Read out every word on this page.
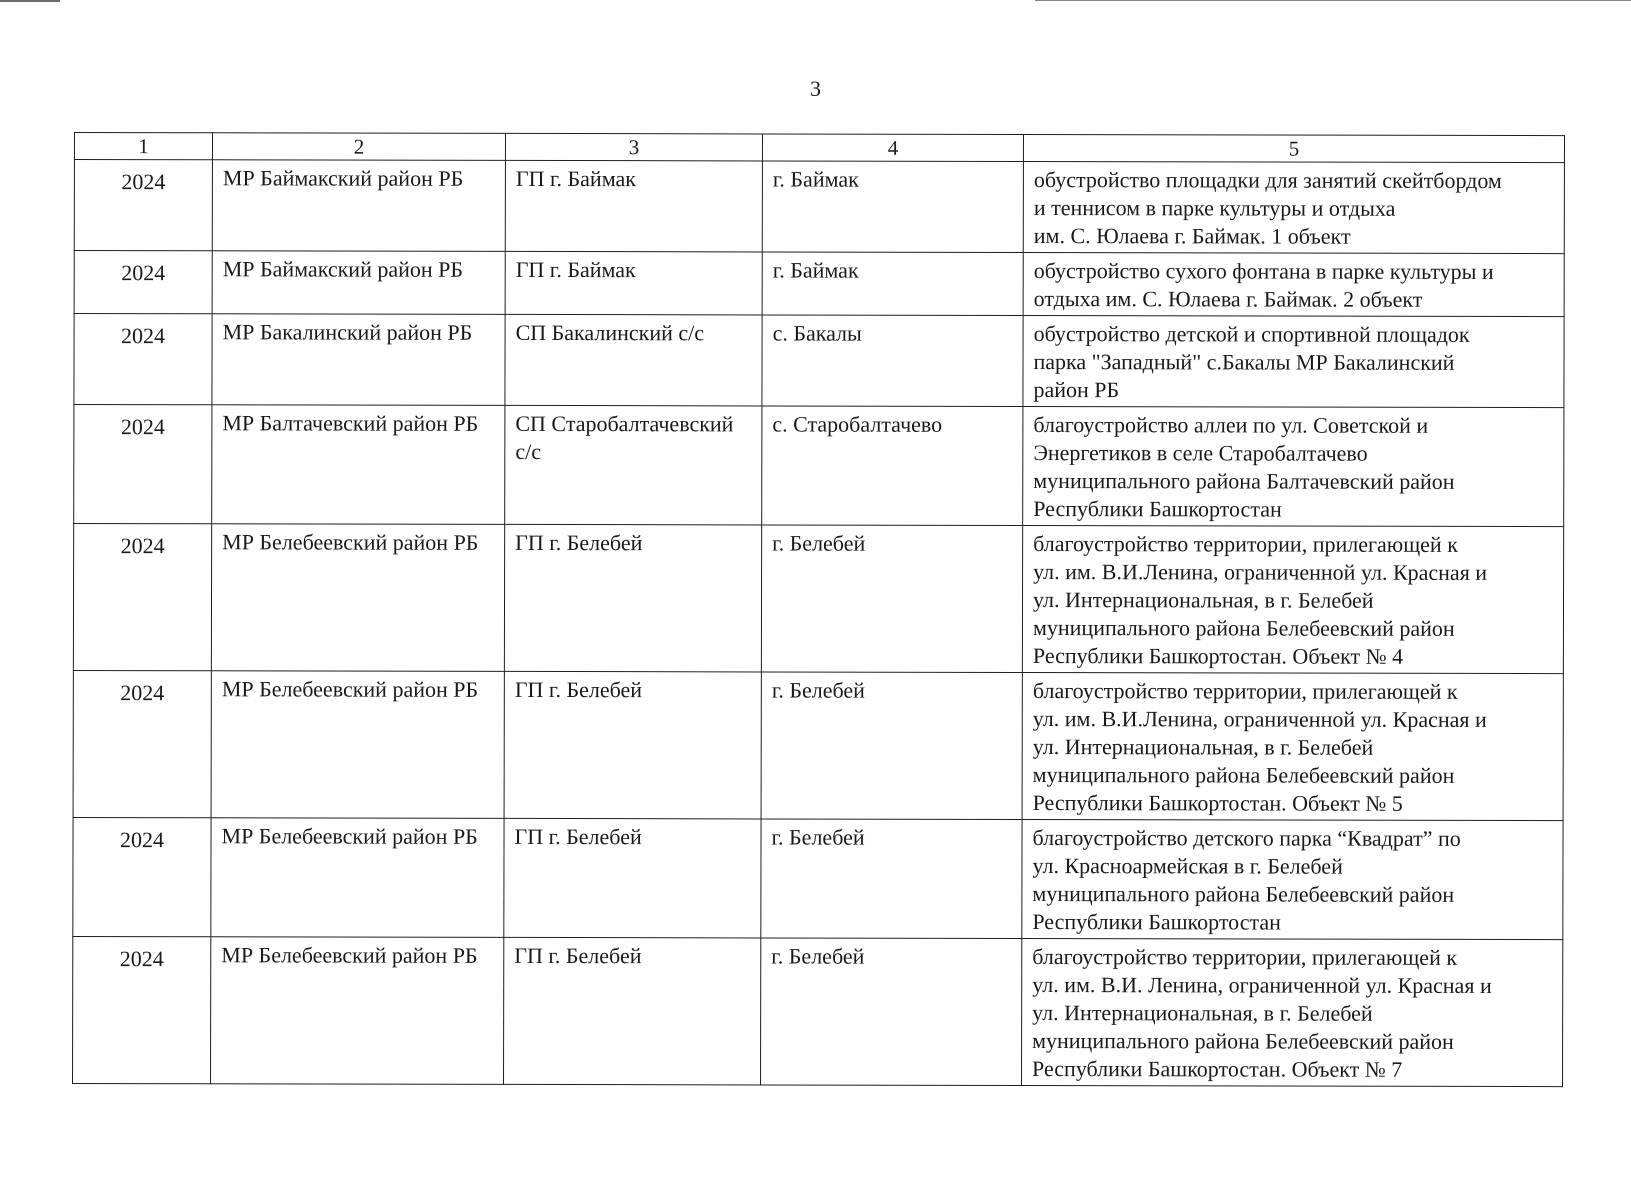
3
1	2	3	4	5
2024	МР Баймакский район РБ	ГП г. Баймак	г. Баймак	обустройство площадки для занятий скейтбордом
и теннисом в парке культуры и отдыха
им. С. Юлаева г. Баймак. 1 объект

2024	МР Баймакский район РБ	ГП г. Баймак	г. Баймак	обустройство сухого фонтана в парке культуры и
отдыха им. С. Юлаева г. Баймак. 2 объект

2024	МР Бакалинский район РБ	СП Бакалинский с/с	с. Бакалы	обустройство детской и спортивной площадок
парка "Западный" с.Бакалы МР Бакалинский
район РБ

2024	МР Балтачевский район РБ	СП Старобалтачевский с/с	с. Старобалтачево	благоустройство аллеи по ул. Советской и
Энергетиков в селе Старобалтачево
муниципального района Балтачевский район
Республики Башкортостан

2024	МР Белебеевский район РБ	ГП г. Белебей	г. Белебей	благоустройство территории, прилегающей к
ул. им. В.И.Ленина, ограниченной ул. Красная и
ул. Интернациональная, в г. Белебей
муниципального района Белебеевский район
Республики Башкортостан. Объект № 4

2024	МР Белебеевский район РБ	ГП г. Белебей	г. Белебей	благоустройство территории, прилегающей к
ул. им. В.И.Ленина, ограниченной ул. Красная и
ул. Интернациональная, в г. Белебей
муниципального района Белебеевский район
Республики Башкортостан. Объект № 5

2024	МР Белебеевский район РБ	ГП г. Белебей	г. Белебей	благоустройство детского парка “Квадрат” по
ул. Красноармейская в г. Белебей
муниципального района Белебеевский район
Республики Башкортостан

2024	МР Белебеевский район РБ	ГП г. Белебей	г. Белебей	благоустройство территории, прилегающей к
ул. им. В.И. Ленина, ограниченной ул. Красная и
ул. Интернациональная, в г. Белебей
муниципального района Белебеевский район
Республики Башкортостан. Объект № 7
